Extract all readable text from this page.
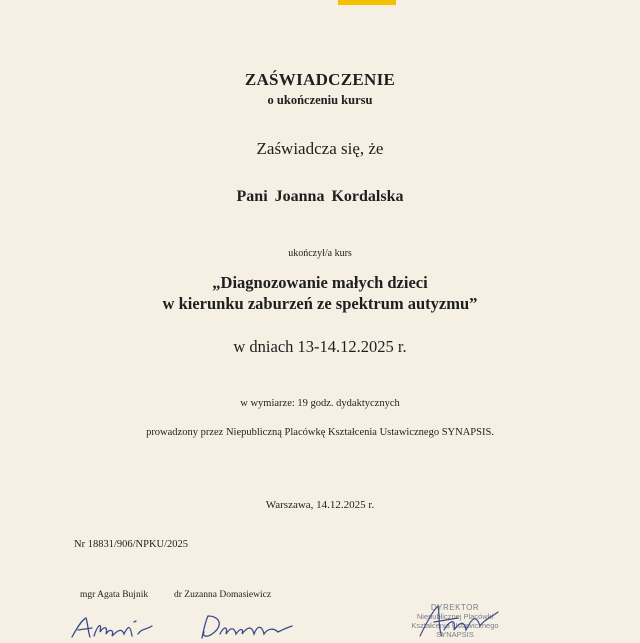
ZAŚWIADCZENIE
o ukończeniu kursu
Zaświadcza się, że
Pani Joanna Kordalska
ukończył/a kurs
„Diagnozowanie małych dzieci
w kierunku zaburzeń ze spektrum autyzmu”
w dniach 13-14.12.2025 r.
w wymiarze: 19 godz. dydaktycznych
prowadzony przez Niepubliczną Placówkę Kształcenia Ustawicznego SYNAPSIS.
Warszawa, 14.12.2025 r.
Nr 18831/906/NPKU/2025
mgr Agata Bujnik	dr Zuzanna Domasiewicz
DYREKTOR
Niepublicznej Placówki
Kształcenia Ustawicznego
SYNAPSIS
